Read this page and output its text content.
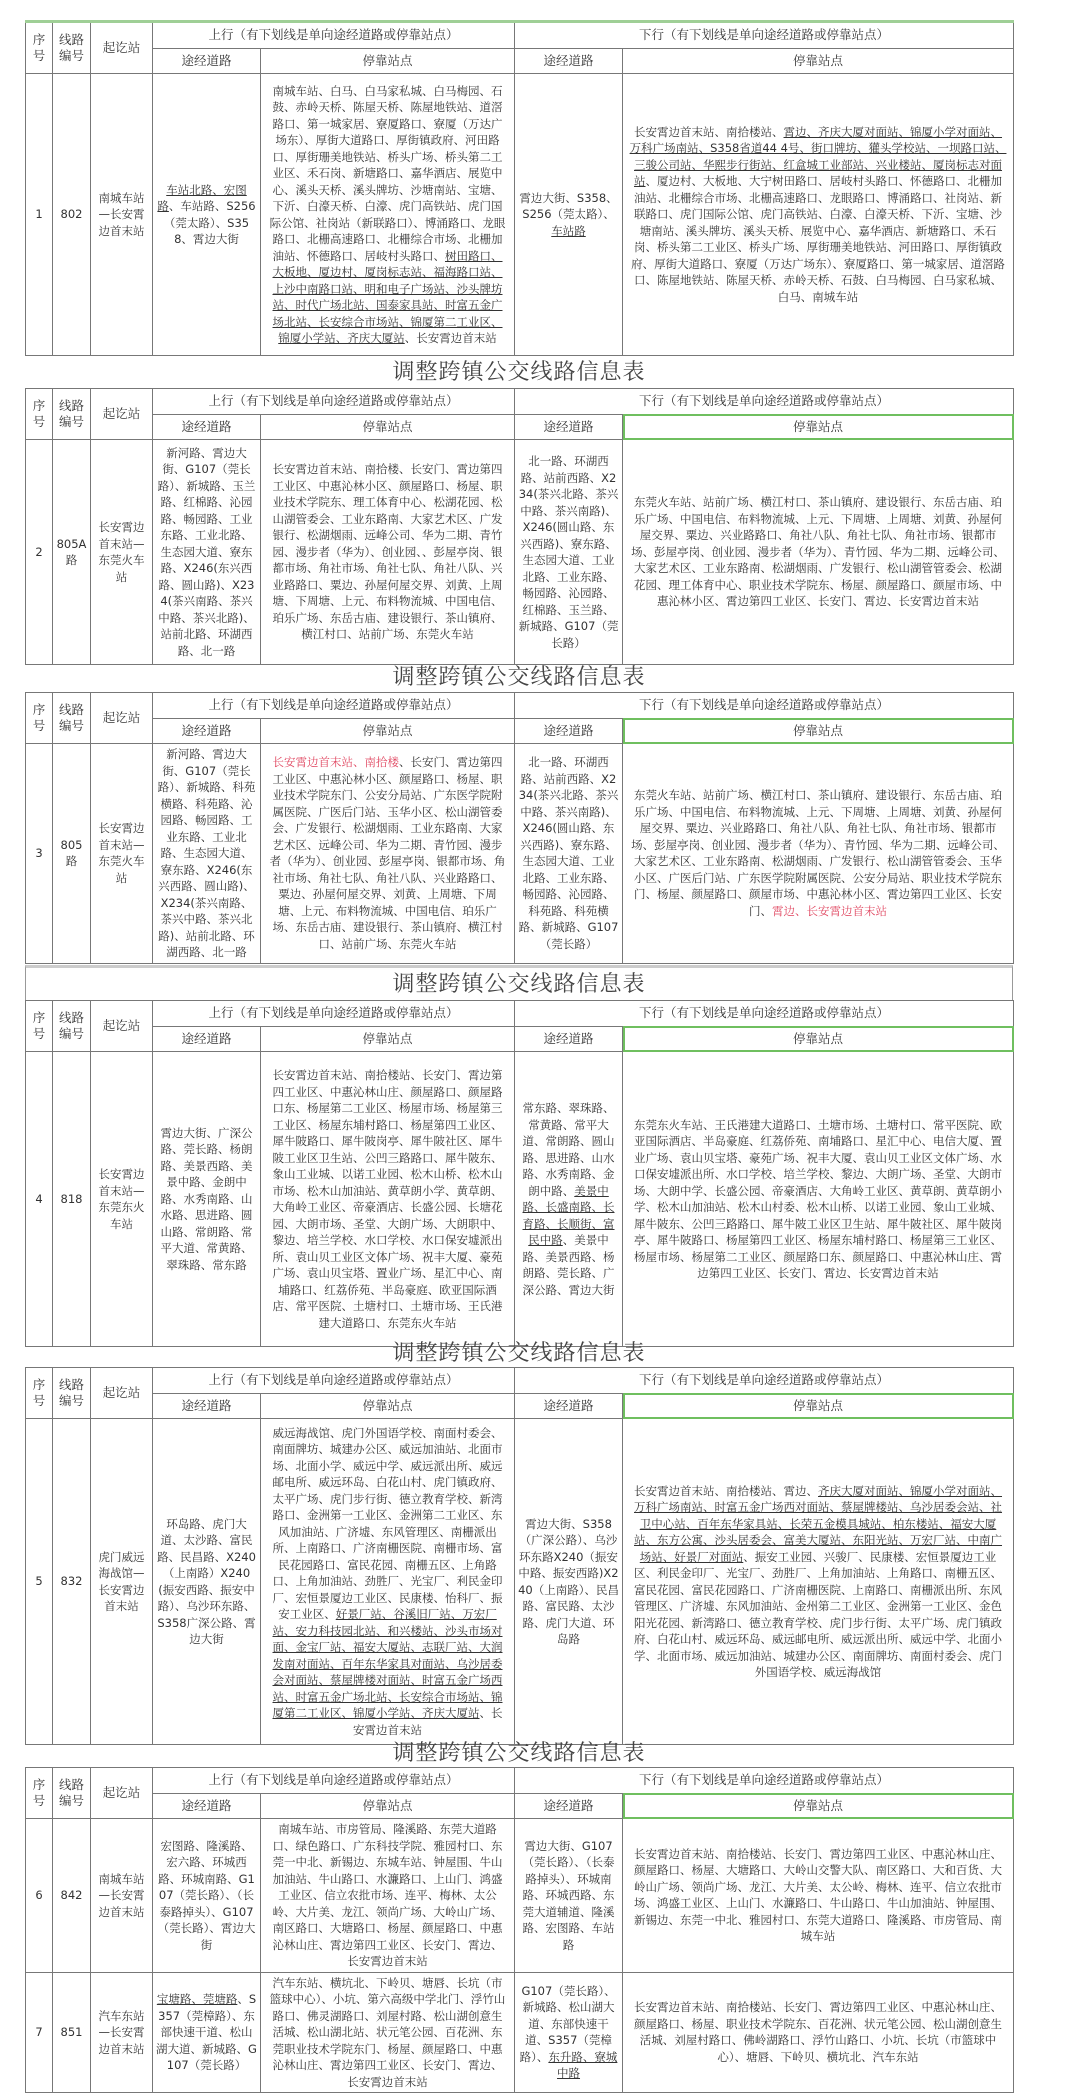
序号	线路编号	起讫站	上行（有下划线是单向途经道路或停靠站点）		下行（有下划线是单向途经道路或停靠站点）	
			途经道路	停靠站点	途经道路	停靠站点
1	802	南城车站—长安霄边首末站	车站北路、宏图路、车站路、S256（莞太路）、S358、霄边大街	南城车站、白马、白马家私城、白马梅园、石鼓、赤岭天桥、陈屋天桥、陈屋地铁站、道滘路口、第一城家居、寮厦路口、寮厦（万达广场东）、厚街大道路口、厚街镇政府、河田路口、厚街珊美地铁站、桥头广场、桥头第二工业区、禾石岗、新塘路口、嘉华酒店、展览中心、溪头天桥、溪头牌坊、沙塘南站、宝塘、下沂、白濠天桥、白濠、虎门高铁站、虎门国际公馆、社岗站（新联路口）、博涌路口、龙眼路口、北栅高速路口、北栅综合市场、北栅加油站、怀德路口、居岐村头路口、树田路口、大板地、厦边村、厦岗标志站、福海路口站、上沙中南路口站、明和电子广场站、沙头牌坊站、时代广场北站、国泰家具站、时富五金广场北站、长安综合市场站、锦厦第二工业区、锦厦小学站、齐庆大厦站、长安霄边首末站	霄边大街、S358、S256（莞太路）、车站路	长安霄边首末站、南拾楼站、霄边、齐庆大厦对面站、锦厦小学对面站、万科广场南站、S358省道44 4号、街口牌坊、獾头学校站、一坝路口站、三骏公司站、华熙步行街站、红盒城工业部站、兴业楼站、厦岗标志对面站、厦边村、大板地、大宁树田路口、居岐村头路口、怀德路口、北栅加油站、北栅综合市场、北栅高速路口、龙眼路口、博涌路口、社岗站、新联路口、虎门国际公馆、虎门高铁站、白濠、白濠天桥、下沂、宝塘、沙塘南站、溪头牌坊、溪头天桥、展览中心、嘉华酒店、新塘路口、禾石岗、桥头第二工业区、桥头广场、厚街珊美地铁站、河田路口、厚街镇政府、厚街大道路口、寮厦（万达广场东）、寮厦路口、第一城家居、道滘路口、陈屋地铁站、陈屋天桥、赤岭天桥、石鼓、白马梅园、白马家私城、白马、南城车站
调整跨镇公交线路信息表
序号	线路编号	起讫站	上行（有下划线是单向途经道路或停靠站点）		下行（有下划线是单向途经道路或停靠站点）	
			途经道路	停靠站点	途经道路	停靠站点
2	805A路	长安霄边首末站—东莞火车站	新河路、霄边大街、G107（莞长路）、新城路、玉兰路、红棉路、沁园路、畅园路、工业东路、工业北路、生态园大道、寮东路、X246(东兴西路、圆山路)、X234(茶兴南路、茶兴中路、茶兴北路)、站前北路、环湖西路、北一路	长安霄边首末站、南拾楼、长安门、霄边第四工业区、中惠沁林小区、颜屋路口、杨屋、职业技术学院东、理工体育中心、松湖花园、松山湖管委会、工业东路南、大家艺术区、广发银行、松湖烟雨、远峰公司、华为二期、青竹园、漫步者（华为）、创业园、、彭屋亭岗、银都市场、角社市场、角社七队、角社八队、兴业路路口、粟边、孙屋何屋交界、刘黄、上周塘、下周塘、上元、布料物流城、中国电信、珀乐广场、东岳古庙、建设银行、茶山镇府、横江村口、站前广场、东莞火车站	北一路、环湖西路、站前西路、X234(茶兴北路、茶兴中路、茶兴南路)、X246(圆山路、东兴西路)、寮东路、生态园大道、工业北路、工业东路、畅园路、沁园路、红棉路、玉兰路、新城路、G107（莞长路）	东莞火车站、站前广场、横江村口、茶山镇府、建设银行、东岳古庙、珀乐广场、中国电信、布料物流城、上元、下周塘、上周塘、刘黄、孙屋何屋交界、粟边、兴业路路口、角社八队、角社七队、角社市场、银都市场、彭屋亭岗、创业园、漫步者（华为）、青竹园、华为二期、远峰公司、大家艺术区、工业东路南、松湖烟雨、广发银行、松山湖管管委会、松湖花园、理工体育中心、职业技术学院东、杨屋、颜屋路口、颜屋市场、中惠沁林小区、霄边第四工业区、长安门、霄边、长安霄边首末站
调整跨镇公交线路信息表
序号	线路编号	起讫站	上行（有下划线是单向途经道路或停靠站点）		下行（有下划线是单向途经道路或停靠站点）	
			途经道路	停靠站点	途经道路	停靠站点
3	805路	长安霄边首末站—东莞火车站	新河路、霄边大街、G107（莞长路）、新城路、科苑横路、科苑路、沁园路、畅园路、工业东路、工业北路、生态园大道、寮东路、X246(东兴西路、圆山路)、X234(茶兴南路、茶兴中路、茶兴北路)、站前北路、环湖西路、北一路	长安霄边首末站、南拾楼、长安门、霄边第四工业区、中惠沁林小区、颜屋路口、杨屋、职业技术学院东门、公安分局站、广东医学院附属医院、广医后门站、玉华小区、松山湖管委会、广发银行、松湖烟雨、工业东路南、大家艺术区、远峰公司、华为二期、青竹园、漫步者（华为）、创业园、彭屋亭岗、银都市场、角社市场、角社七队、角社八队、兴业路路口、粟边、孙屋何屋交界、刘黄、上周塘、下周塘、上元、布料物流城、中国电信、珀乐广场、东岳古庙、建设银行、茶山镇府、横江村口、站前广场、东莞火车站	北一路、环湖西路、站前西路、X234(茶兴北路、茶兴中路、茶兴南路)、X246(圆山路、东兴西路)、寮东路、生态园大道、工业北路、工业东路、畅园路、沁园路、科苑路、科苑横路、新城路、G107（莞长路）	东莞火车站、站前广场、横江村口、茶山镇府、建设银行、东岳古庙、珀乐广场、中国电信、布料物流城、上元、下周塘、上周塘、刘黄、孙屋何屋交界、粟边、兴业路路口、角社八队、角社七队、角社市场、银都市场、彭屋亭岗、创业园、漫步者（华为）、青竹园、华为二期、远峰公司、大家艺术区、工业东路南、松湖烟雨、广发银行、松山湖管管委会、玉华小区、广医后门站、广东医学院附属医院、公安分局站、职业技术学院东门、杨屋、颜屋路口、颜屋市场、中惠沁林小区、霄边第四工业区、长安门、霄边、长安霄边首末站
调整跨镇公交线路信息表
序号	线路编号	起讫站	上行（有下划线是单向途经道路或停靠站点）		下行（有下划线是单向途经道路或停靠站点）	
			途经道路	停靠站点	途经道路	停靠站点
4	818	长安霄边首末站—东莞东火车站	霄边大街、广深公路、莞长路、杨朗路、美景西路、美景中路、金朗中路、水秀南路、山水路、思进路、圆山路、常朗路、常平大道、常黄路、翠珠路、常东路	长安霄边首末站、南拾楼站、长安门、霄边第四工业区、中惠沁林山庄、颜屋路口、颜屋路口东、杨屋第二工业区、杨屋市场、杨屋第三工业区、杨屋东埔村路口、杨屋第四工业区、犀牛陂路口、犀牛陂岗亭、犀牛陂社区、犀牛陂工业区卫生站、公凹三路路口、犀牛陂东、象山工业城、以诺工业园、松木山桥、松木山市场、松木山加油站、黄草朗小学、黄草朗、大角岭工业区、帝豪酒店、长盛公园、长塘花园、大朗市场、圣堂、大朗广场、大朗职中、黎边、培兰学校、水口学校、水口保安墟派出所、袁山贝工业区文体广场、祝丰大厦、豪苑广场、袁山贝宝塔、置业广场、星汇中心、南埔路口、红荔侨苑、半岛豪庭、欧亚国际酒店、常平医院、土塘村口、土塘市场、王氏港建大道路口、东莞东火车站	常东路、翠珠路、常黄路、常平大道、常朗路、圆山路、思进路、山水路、水秀南路、金朗中路、美景中路、长盛南路、长育路、长顺街、富民中路、美景中路、美景西路、杨朗路、莞长路、广深公路、霄边大街	东莞东火车站、王氏港建大道路口、土塘市场、土塘村口、常平医院、欧亚国际酒店、半岛豪庭、红荔侨苑、南埔路口、星汇中心、电信大厦、置业广场、袁山贝宝塔、豪苑广场、祝丰大厦、袁山贝工业区文体广场、水口保安墟派出所、水口学校、培兰学校、黎边、大朗广场、圣堂、大朗市场、大朗中学、长盛公园、帝豪酒店、大角岭工业区、黄草朗、黄草朗小学、松木山加油站、松木山村委、松木山桥、以诺工业园、象山工业城、犀牛陂东、公凹三路路口、犀牛陂工业区卫生站、犀牛陂社区、犀牛陂岗亭、犀牛陂路口、杨屋第四工业区、杨屋东埔村路口、杨屋第三工业区、杨屋市场、杨屋第二工业区、颜屋路口东、颜屋路口、中惠沁林山庄、霄边第四工业区、长安门、霄边、长安霄边首末站
调整跨镇公交线路信息表
序号	线路编号	起讫站	上行（有下划线是单向途经道路或停靠站点）		下行（有下划线是单向途经道路或停靠站点）	
			途经道路	停靠站点	途经道路	停靠站点
5	832	虎门威远海战馆—长安霄边首末站	环岛路、虎门大道、太沙路、富民路、民昌路、X240（上南路）X240(振安西路、振安中路）、乌沙环东路、S358广深公路、霄边大街	威远海战馆、虎门外国语学校、南面村委会、南面牌坊、城建办公区、威远加油站、北面市场、北面小学、威远中学、威远派出所、威远邮电所、威远环岛、白花山村、虎门镇政府、太平广场、虎门步行街、德立教育学校、新湾路口、金洲第一工业区、金洲第二工业区、东风加油站、广济墟、东风管理区、南栅派出所、上南路口、广济南栅医院、南栅市场、富民花园路口、富民花园、南栅五区、上角路口、上角加油站、劲胜厂、光宝厂、利民金印厂、宏恒景厦边工业区、民康楼、怡科厂、振安工业区、好景厂站、谷溪旧厂站、万宏厂站、安力科技园北站、和兴楼站、沙头市场对面、金宝厂站、福安大厦站、志联厂站、大润发南对面站、百年东华家具对面站、乌沙居委会对面站、蔡屋牌楼对面站、时富五金广场西站、时富五金广场北站、长安综合市场站、锦厦第二工业区、锦厦小学站、齐庆大厦站、长安霄边首末站	霄边大街、S358（广深公路）、乌沙环东路X240（振安中路、振安西路)X240（上南路）、民昌路、富民路、太沙路、虎门大道、环岛路	长安霄边首末站、南拾楼站、霄边、齐庆大厦对面站、锦厦小学对面站、万科广场南站、时富五金广场西对面站、蔡屋牌楼站、乌沙居委会站、社卫中心站、百年东华家具站、长荣五金模具城站、柏东楼站、福安大厦站、东方公寓、沙头居委会、富美大厦站、东阳光站、万宏厂站、中南广场站、好景厂对面站、振安工业园、兴骏厂、民康楼、宏恒景厦边工业区、利民金印厂、光宝厂、劲胜厂、上角加油站、上角路口、南栅五区、富民花园、富民花园路口、广济南栅医院、上南路口、南栅派出所、东风管理区、广济墟、东风加油站、金州第二工业区、金洲第一工业区、金色阳光花园、新湾路口、德立教育学校、虎门步行街、太平广场、虎门镇政府、白花山村、威远环岛、威远邮电所、威远派出所、威远中学、北面小学、北面市场、威远加油站、城建办公区、南面牌坊、南面村委会、虎门外国语学校、威远海战馆
调整跨镇公交线路信息表
序号	线路编号	起讫站	上行（有下划线是单向途经道路或停靠站点）		下行（有下划线是单向途经道路或停靠站点）	
			途经道路	停靠站点	途经道路	停靠站点
6	842	南城车站—长安霄边首末站	宏图路、隆溪路、宏六路、环城西路、环城南路、G107（莞长路）、（长泰路掉头）、G107（莞长路）、霄边大街	南城车站、市房管局、隆溪路、东莞大道路口、绿色路口、广东科技学院、雅园村口、东莞一中北、新锡边、东城车站、钟屋围、牛山加油站、牛山路口、水濂路口、上山门、鸿盛工业区、信立农批市场、连平、梅林、太公岭、大片美、龙江、领尚广场、大岭山广场、南区路口、大塘路口、杨屋、颜屋路口、中惠沁林山庄、霄边第四工业区、长安门、霄边、长安霄边首末站	霄边大街、G107（莞长路）、（长泰路掉头）、环城南路、环城西路、东莞大道辅道、隆溪路、宏图路、车站路	长安霄边首末站、南拾楼站、长安门、霄边第四工业区、中惠沁林山庄、颜屋路口、杨屋、大塘路口、大岭山交警大队、南区路口、大和百货、大岭山广场、领尚广场、龙江、大片美、太公岭、梅林、连平、信立农批市场、鸿盛工业区、上山门、水濂路口、牛山路口、牛山加油站、钟屋围、新锡边、东莞一中北、雅园村口、东莞大道路口、隆溪路、市房管局、南城车站
7	851	汽车东站—长安霄边首末站	宝塘路、莞塘路、S357（莞樟路）、东部快速干道、松山湖大道、新城路、G107（莞长路）	汽车东站、横坑北、下岭贝、塘唇、长坑（市篮球中心）、小坑、第六高级中学北门、浮竹山路口、佛灵湖路口、刘屋村路、松山湖创意生活城、松山湖北站、状元笔公园、百花洲、东莞职业技术学院东门、杨屋、颜屋路口、中惠沁林山庄、霄边第四工业区、长安门、霄边、长安霄边首末站	G107（莞长路）、新城路、松山湖大道、东部快速干道、S357（莞樟路）、东升路、寮城中路	长安霄边首末站、南拾楼站、长安门、霄边第四工业区、中惠沁林山庄、颜屋路口、杨屋、职业技术学院东、百花洲、状元笔公园、松山湖创意生活城、刘屋村路口、佛岭湖路口、浮竹山路口、小坑、长坑（市篮球中心）、塘唇、下岭贝、横坑北、汽车东站
